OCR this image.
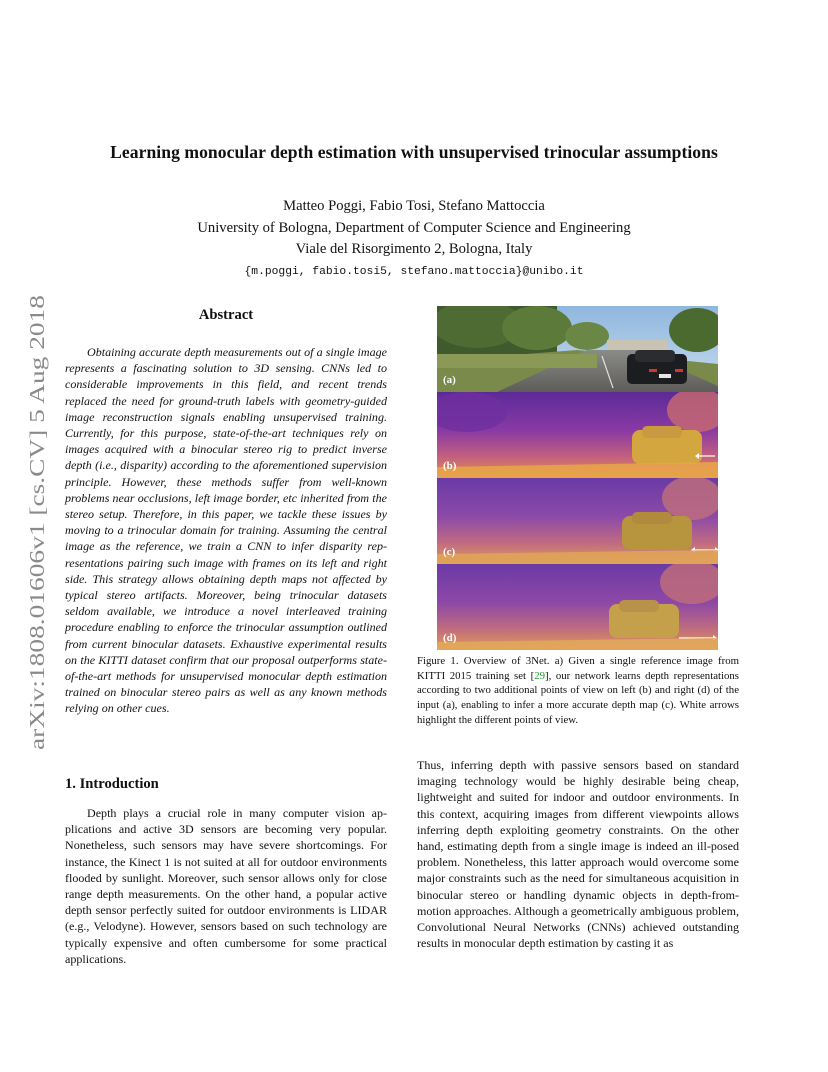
Learning monocular depth estimation with unsupervised trinocular assumptions
Matteo Poggi, Fabio Tosi, Stefano Mattoccia
University of Bologna, Department of Computer Science and Engineering
Viale del Risorgimento 2, Bologna, Italy
{m.poggi, fabio.tosi5, stefano.mattoccia}@unibo.it
arXiv:1808.01606v1 [cs.CV] 5 Aug 2018
Abstract

Obtaining accurate depth measurements out of a single image represents a fascinating solution to 3D sensing. CNNs led to considerable improvements in this field, and recent trends replaced the need for ground-truth labels with geometry-guided image reconstruction signals enabling unsupervised training. Currently, for this purpose, state-of-the-art techniques rely on images acquired with a binocular stereo rig to predict inverse depth (i.e., disparity) according to the aforementioned supervision principle. However, these methods suffer from well-known problems near occlusions, left image border, etc inherited from the stereo setup. Therefore, in this paper, we tackle these issues by moving to a trinocular domain for training. Assuming the central image as the reference, we train a CNN to infer disparity representations pairing such image with frames on its left and right side. This strategy allows obtaining depth maps not affected by typical stereo artifacts. Moreover, being trinocular datasets seldom available, we introduce a novel interleaved training procedure enabling to enforce the trinocular assumption outlined from current binocular datasets. Exhaustive experimental results on the KITTI dataset confirm that our proposal outperforms state-of-the-art methods for unsupervised monocular depth estimation trained on binocular stereo pairs as well as any known methods relying on other cues.

1. Introduction

Depth plays a crucial role in many computer vision applications and active 3D sensors are becoming very popular. Nonetheless, such sensors may have severe shortcomings. For instance, the Kinect 1 is not suited at all for outdoor environments flooded by sunlight. Moreover, such sensor allows only for close range depth measurements. On the other hand, a popular active depth sensor perfectly suited for outdoor environments is LIDAR (e.g., Velodyne). However, sensors based on such technology are typically expensive and often cumbersome for some practical applications.

(a)
(b)
(c)
(d)
Figure 1. Overview of 3Net. a) Given a single reference image from KITTI 2015 training set [29], our network learns depth representations according to two additional points of view on left (b) and right (d) of the input (a), enabling to infer a more accurate depth map (c). White arrows highlight the different points of view.

Thus, inferring depth with passive sensors based on standard imaging technology would be highly desirable being cheap, lightweight and suited for indoor and outdoor environments. In this context, acquiring images from different viewpoints allows inferring depth exploiting geometry constraints. On the other hand, estimating depth from a single image is indeed an ill-posed problem. Nonetheless, this latter approach would overcome some major constraints such as the need for simultaneous acquisition in binocular stereo or handling dynamic objects in depth-from-motion approaches. Although a geometrically ambiguous problem, Convolutional Neural Networks (CNNs) achieved outstanding results in monocular depth estimation by casting it as
